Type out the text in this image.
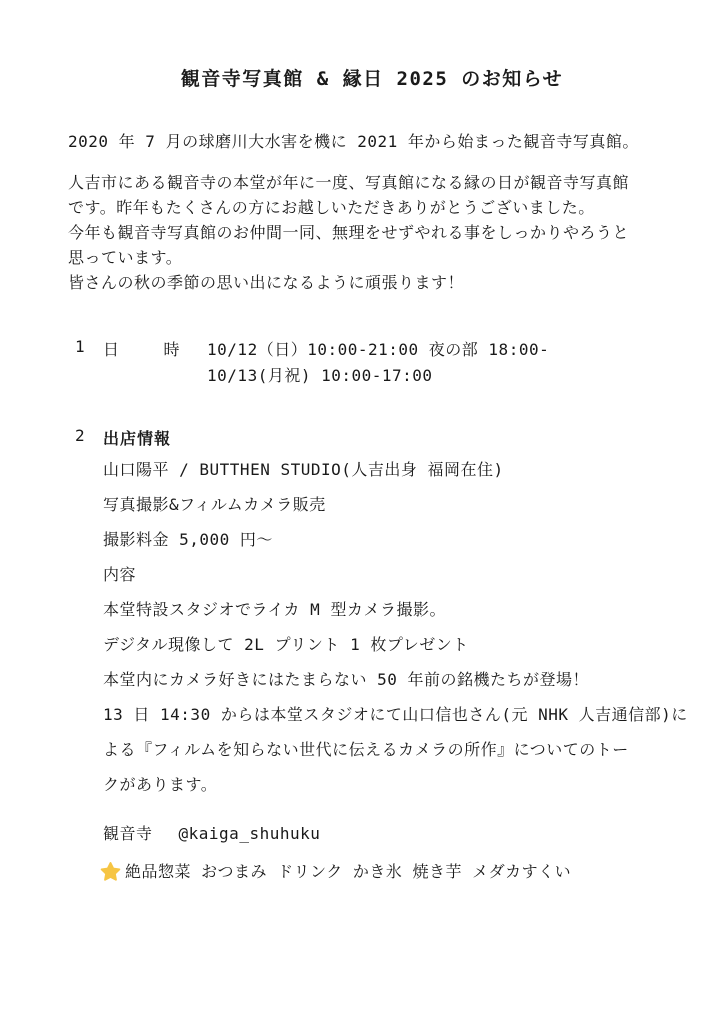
観音寺写真館 & 縁日 2025 のお知らせ

2020 年 7 月の球磨川大水害を機に 2021 年から始まった観音寺写真館。

人吉市にある観音寺の本堂が年に一度、写真館になる縁の日が観音寺写真館

です。昨年もたくさんの方にお越しいただきありがとうございました。

今年も観音寺写真館のお仲間一同、無理をせずやれる事をしっかりやろうと

思っています。

皆さんの秋の季節の思い出になるように頑張ります！

1	日	時 10/12（日）10:00-21:00 夜の部 18:00-

10/13(月祝) 10:00-17:00

2	出店情報

山口陽平 / BUTTHEN STUDIO(人吉出身 福岡在住)

写真撮影&フィルムカメラ販売

撮影料金 5,000 円～

内容

本堂特設スタジオでライカ M 型カメラ撮影。

デジタル現像して 2L プリント 1 枚プレゼント

本堂内にカメラ好きにはたまらない 50 年前の銘機たちが登場！

13 日 14:30 からは本堂スタジオにて山口信也さん(元 NHK 人吉通信部)に

よる『フィルムを知らない世代に伝えるカメラの所作』についてのトー

クがあります。

観音寺 @kaiga_shuhuku

絶品惣菜 おつまみ ドリンク かき氷 焼き芋 メダカすくい
